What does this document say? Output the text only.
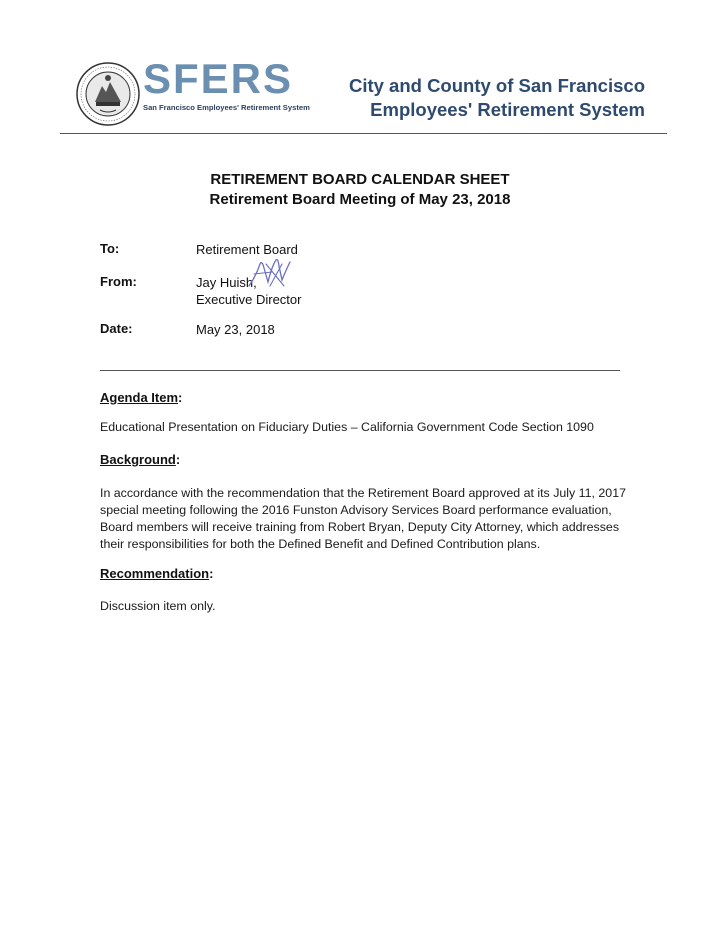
SFERS
San Francisco Employees' Retirement System
City and County of San Francisco
Employees' Retirement System
RETIREMENT BOARD CALENDAR SHEET
Retirement Board Meeting of May 23, 2018
To:	Retirement Board
From:	Jay Huish,
Executive Director
Date:	May 23, 2018
Agenda Item:
Educational Presentation on Fiduciary Duties – California Government Code Section 1090
Background:
In accordance with the recommendation that the Retirement Board approved at its July 11, 2017 special meeting following the 2016 Funston Advisory Services Board performance evaluation, Board members will receive training from Robert Bryan, Deputy City Attorney, which addresses their responsibilities for both the Defined Benefit and Defined Contribution plans.
Recommendation:
Discussion item only.
